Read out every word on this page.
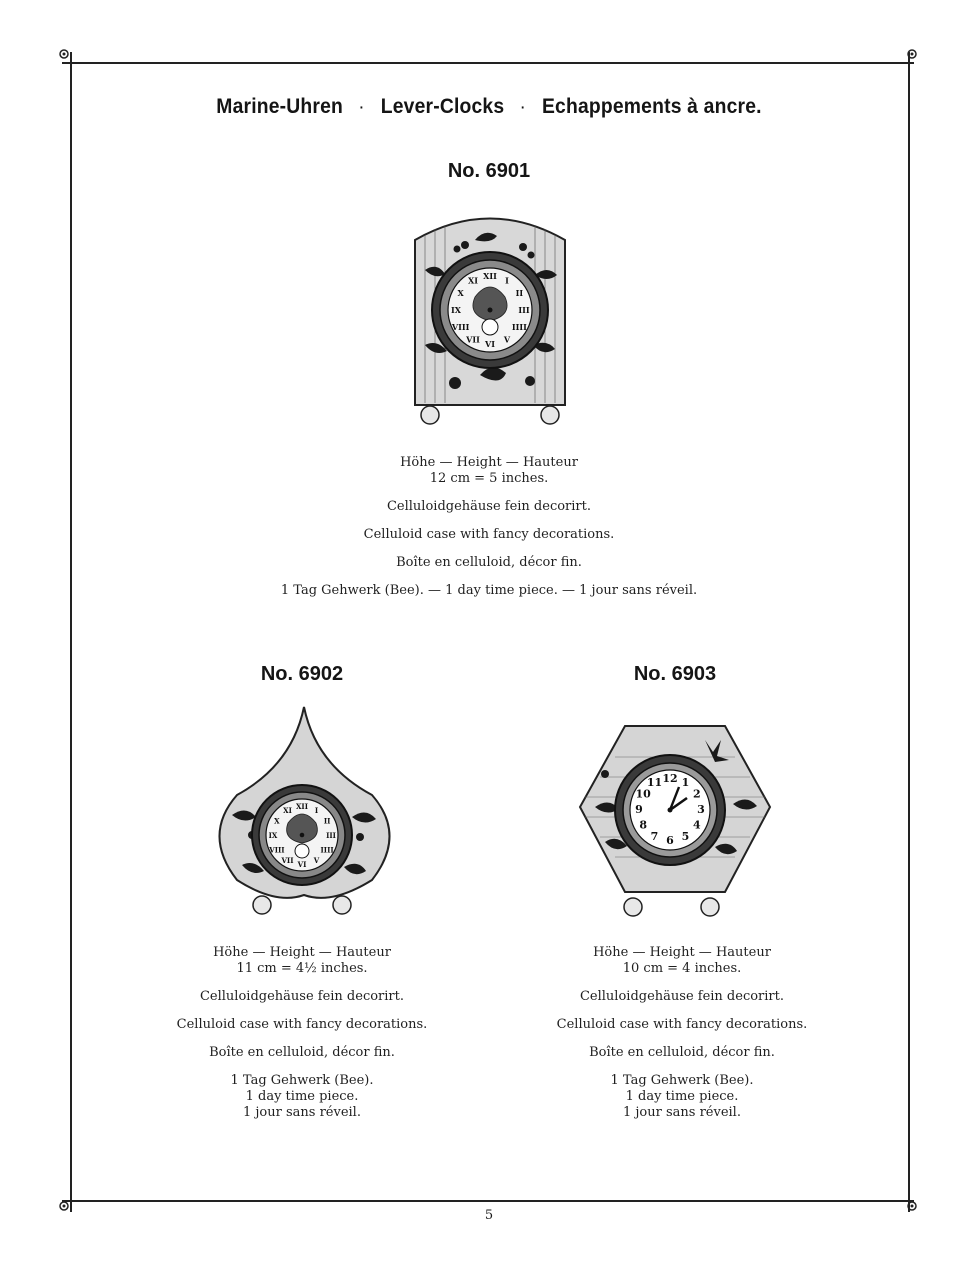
Marine-Uhren · Lever-Clocks · Echappements à ancre.
No. 6901
XII I
II
III
IIII
V
VI
VII
VIII
IX
X
XI

Höhe — Height — Hauteur

12 cm = 5 inches.

Celluloidgehäuse fein decorirt.

Celluloid case with fancy decorations.

Boîte en celluloid, décor fin.

1 Tag Gehwerk (Bee). — 1 day time piece. — 1 jour sans réveil.

No. 6902
XII I
II
III
IIII
V
VI
VII
VIII
IX
X
XI

Höhe — Height — Hauteur

11 cm = 4½ inches.

Celluloidgehäuse fein decorirt.

Celluloid case with fancy decorations.

Boîte en celluloid, décor fin.

1 Tag Gehwerk (Bee).

1 day time piece.

1 jour sans réveil.

No. 6903
12 1
2
3
4
5
6
7
8
9
10
11

Höhe — Height — Hauteur

10 cm = 4 inches.

Celluloidgehäuse fein decorirt.

Celluloid case with fancy decorations.

Boîte en celluloid, décor fin.

1 Tag Gehwerk (Bee).

1 day time piece.

1 jour sans réveil.

5
